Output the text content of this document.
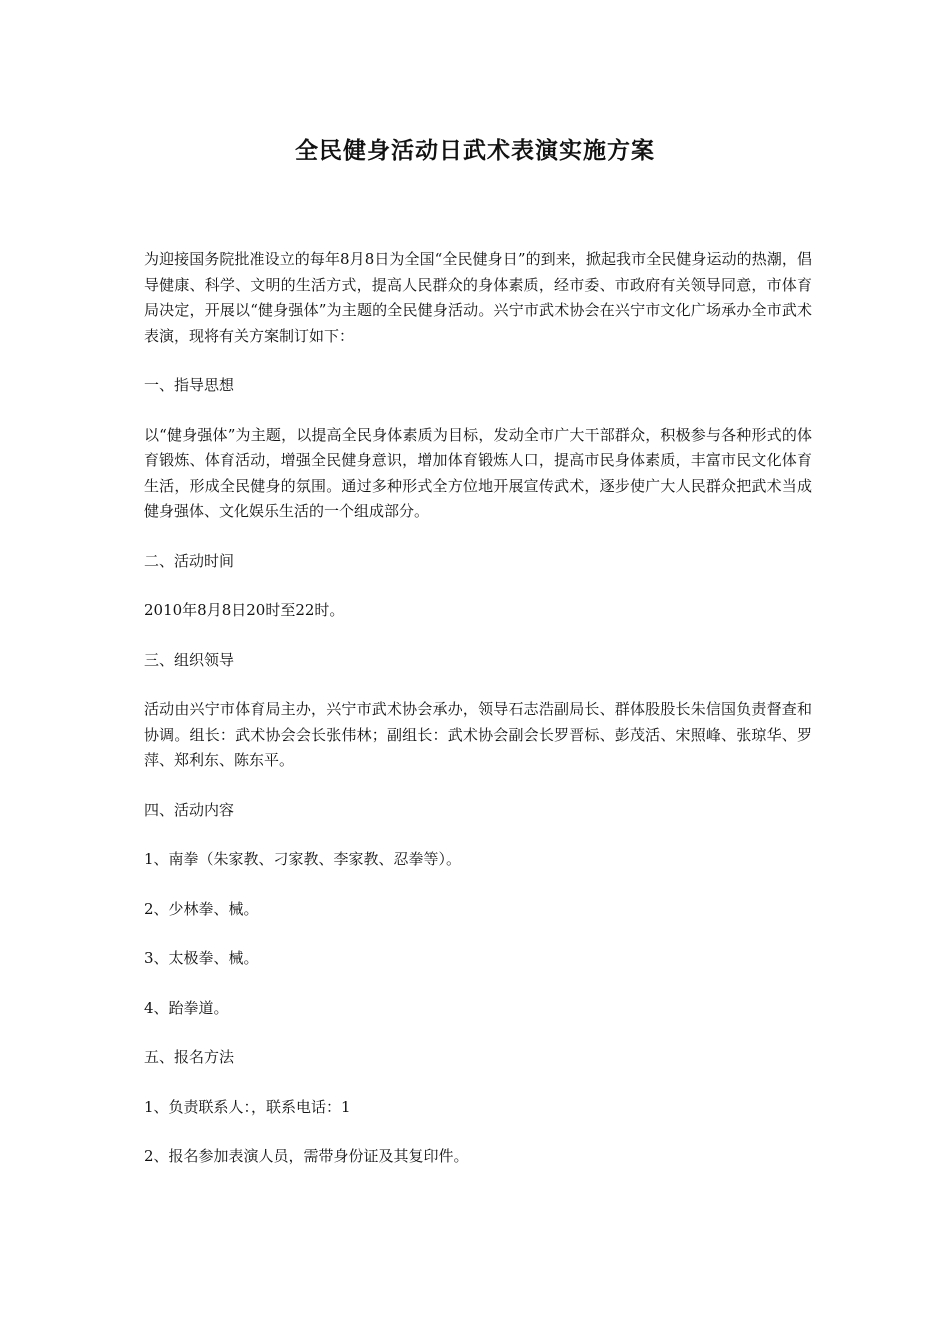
全民健身活动日武术表演实施方案

为迎接国务院批准设立的每年8月8日为全国“全民健身日”的到来，掀起我市全民健身运动的热潮，倡导健康、科学、文明的生活方式，提高人民群众的身体素质，经市委、市政府有关领导同意，市体育局决定，开展以“健身强体”为主题的全民健身活动。兴宁市武术协会在兴宁市文化广场承办全市武术表演，现将有关方案制订如下：

一、指导思想

以“健身强体”为主题，以提高全民身体素质为目标，发动全市广大干部群众，积极参与各种形式的体育锻炼、体育活动，增强全民健身意识，增加体育锻炼人口，提高市民身体素质，丰富市民文化体育生活，形成全民健身的氛围。通过多种形式全方位地开展宣传武术，逐步使广大人民群众把武术当成健身强体、文化娱乐生活的一个组成部分。

二、活动时间

2010年8月8日20时至22时。

三、组织领导

活动由兴宁市体育局主办，兴宁市武术协会承办，领导石志浩副局长、群体股股长朱信国负责督查和协调。组长：武术协会会长张伟林；副组长：武术协会副会长罗晋标、彭茂活、宋照峰、张琼华、罗萍、郑利东、陈东平。

四、活动内容

1、南拳（朱家教、刁家教、李家教、忍拳等）。

2、少林拳、械。

3、太极拳、械。

4、跆拳道。

五、报名方法

1、负责联系人：，联系电话：1

2、报名参加表演人员，需带身份证及其复印件。
